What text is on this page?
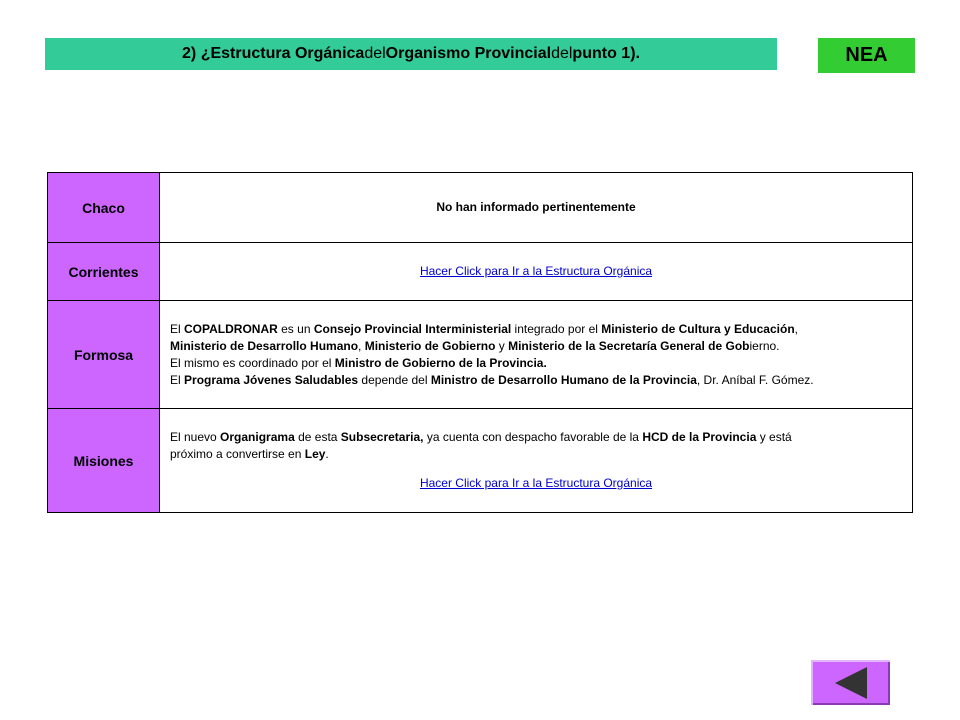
2) ¿Estructura Orgánica del Organismo Provincial del punto 1).	NEA
Chaco	No han informado pertinentemente
Corrientes	Hacer Click para Ir a la Estructura Orgánica
Formosa	El COPALDRONAR es un Consejo Provincial Interministerial integrado por el Ministerio de Cultura y Educación,
Ministerio de Desarrollo Humano, Ministerio de Gobierno y Ministerio de la Secretaría General de Gobierno.
El mismo es coordinado por el Ministro de Gobierno de la Provincia.
El Programa Jóvenes Saludables depende del Ministro de Desarrollo Humano de la Provincia, Dr. Aníbal F. Gómez.

Misiones	El nuevo Organigrama de esta Subsecretaria, ya cuenta con despacho favorable de la HCD de la Provincia y está
próximo a convertirse en Ley.
Hacer Click para Ir a la Estructura Orgánica
